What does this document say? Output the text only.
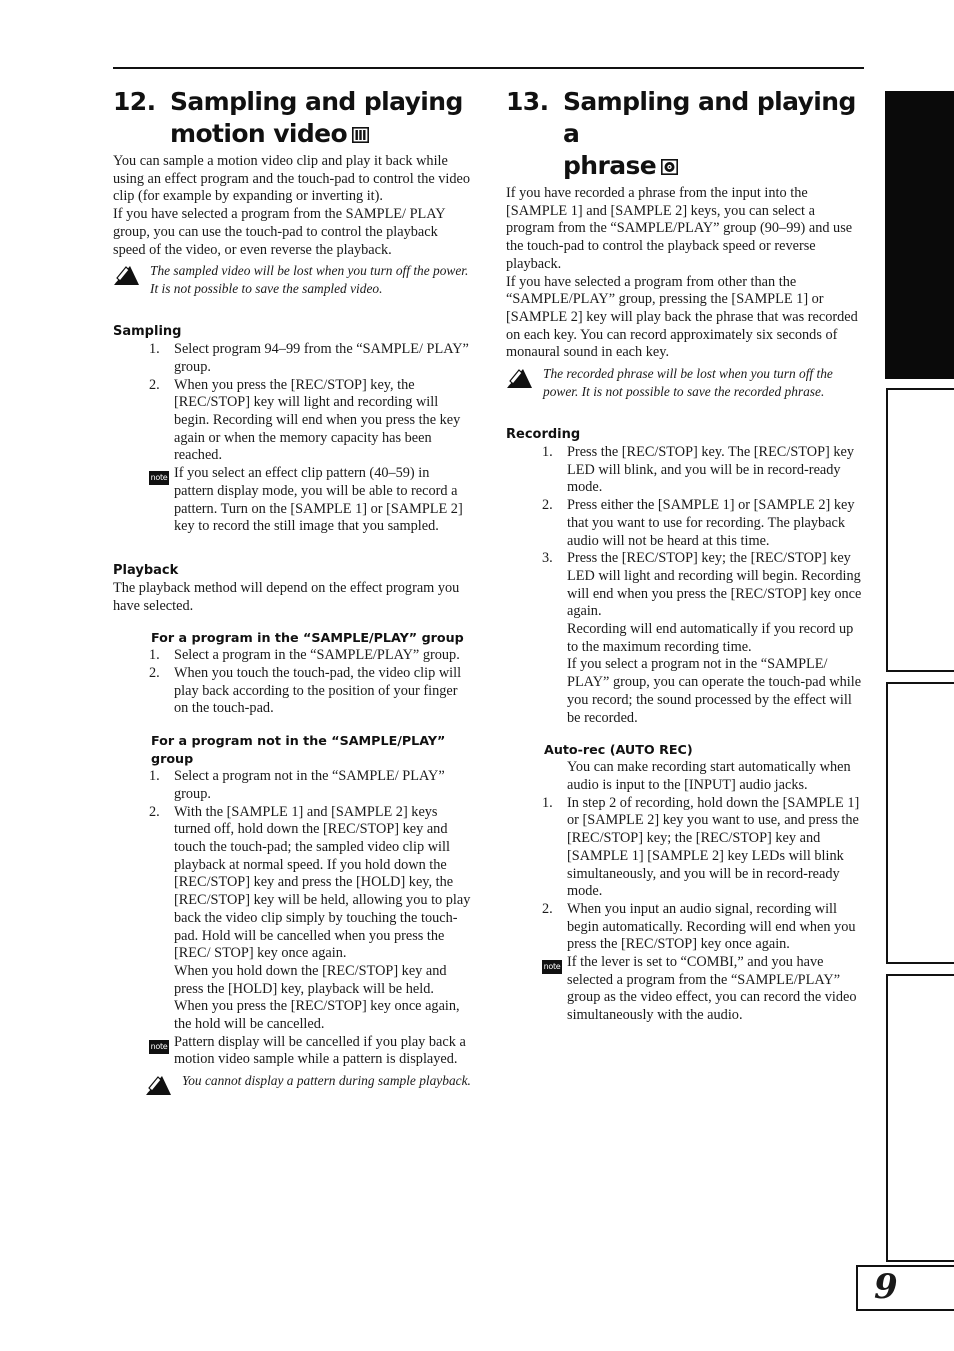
12. Sampling and playing
motion video

You can sample a motion video clip and play it back while using an effect program and the touch-pad to control the video clip (for example by expanding or inverting it).

If you have selected a program from the SAMPLE/ PLAY group, you can use the touch-pad to control the playback speed of the video, or even reverse the playback.

The sampled video will be lost when you turn off the power. It is not possible to save the sampled video.
Sampling
1. Select program 94–99 from the “SAMPLE/ PLAY” group.
2. When you press the [REC/STOP] key, the [REC/STOP] key will light and recording will begin. Recording will end when you press the key again or when the memory capacity has been reached.
note If you select an effect clip pattern (40–59) in pattern display mode, you will be able to record a pattern. Turn on the [SAMPLE 1] or [SAMPLE 2] key to record the still image that you sampled.
Playback

The playback method will depend on the effect program you have selected.

For a program in the “SAMPLE/PLAY” group
1. Select a program in the “SAMPLE/PLAY” group.
2. When you touch the touch-pad, the video clip will play back according to the position of your finger on the touch-pad.
For a program not in the “SAMPLE/PLAY” group
1. Select a program not in the “SAMPLE/ PLAY” group.
2. With the [SAMPLE 1] and [SAMPLE 2] keys turned off, hold down the [REC/STOP] key and touch the touch-pad; the sampled video clip will playback at normal speed. If you hold down the [REC/STOP] key and press the [HOLD] key, the [REC/STOP] key will be held, allowing you to play back the video clip simply by touching the touch-pad. Hold will be cancelled when you press the [REC/ STOP] key once again.

When you hold down the [REC/STOP] key and press the [HOLD] key, playback will be held. When you press the [REC/STOP] key once again, the hold will be cancelled.

note Pattern display will be cancelled if you play back a motion video sample while a pattern is displayed.
You cannot display a pattern during sample playback.
13. Sampling and playing a
phrase

If you have recorded a phrase from the input into the [SAMPLE 1] and [SAMPLE 2] keys, you can select a program from the “SAMPLE/PLAY” group (90–99) and use the touch-pad to control the playback speed or reverse playback.

If you have selected a program from other than the “SAMPLE/PLAY” group, pressing the [SAMPLE 1] or [SAMPLE 2] key will play back the phrase that was recorded on each key. You can record approximately six seconds of monaural sound in each key.

The recorded phrase will be lost when you turn off the power. It is not possible to save the recorded phrase.
Recording
1. Press the [REC/STOP] key. The [REC/STOP] key LED will blink, and you will be in record-ready mode.
2. Press either the [SAMPLE 1] or [SAMPLE 2] key that you want to use for recording. The playback audio will not be heard at this time.
3. Press the [REC/STOP] key; the [REC/STOP] key LED will light and recording will begin. Recording will end when you press the [REC/STOP] key once again.

Recording will end automatically if you record up to the maximum recording time.

If you select a program not in the “SAMPLE/ PLAY” group, you can operate the touch-pad while you record; the sound processed by the effect will be recorded.

Auto-rec (AUTO REC)

You can make recording start automatically when audio is input to the [INPUT] audio jacks.

1. In step 2 of recording, hold down the [SAMPLE 1] or [SAMPLE 2] key you want to use, and press the [REC/STOP] key; the [REC/STOP] key and [SAMPLE 1] [SAMPLE 2] key LEDs will blink simultaneously, and you will be in record-ready mode.
2. When you input an audio signal, recording will begin automatically. Recording will end when you press the [REC/STOP] key once again.
note If the lever is set to “COMBI,” and you have selected a program from the “SAMPLE/PLAY” group as the video effect, you can record the video simultaneously with the audio.
9
